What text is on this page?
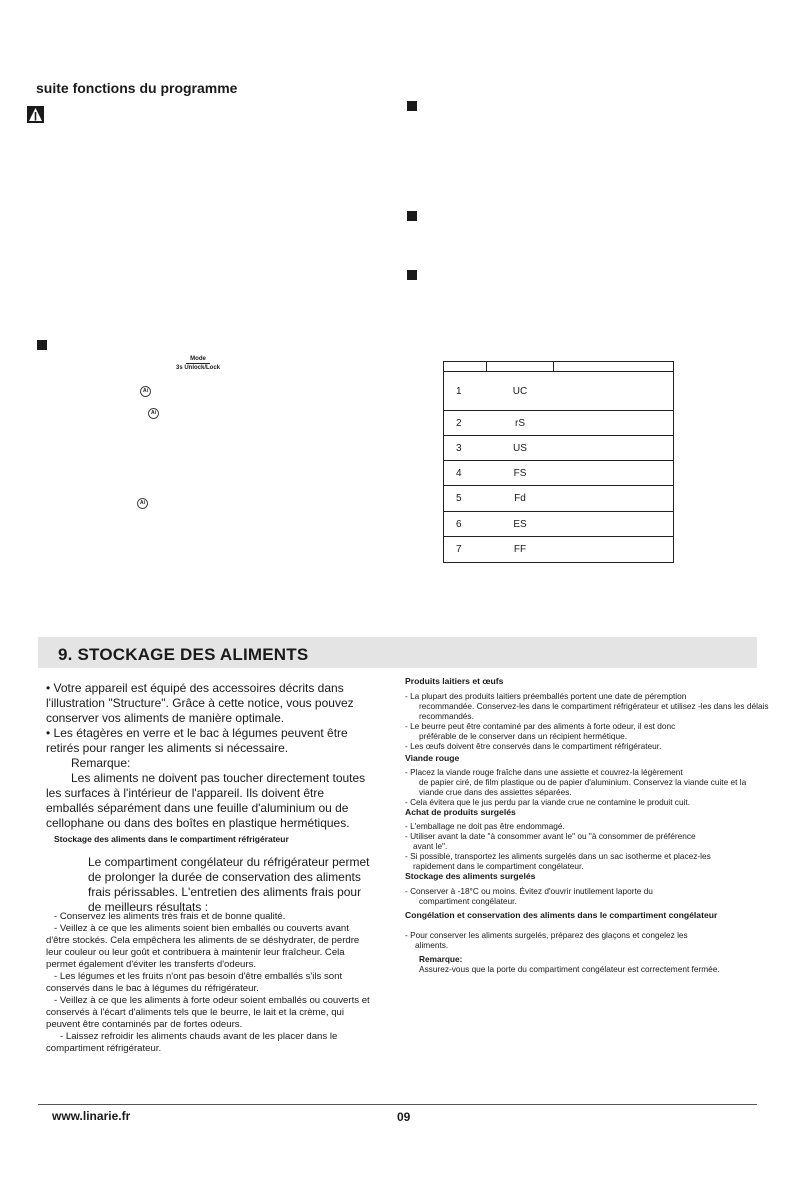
suite fonctions du programme
Mode
3s Unlock/Lock
Ai
Ai
Ai

1	UC	
2	rS	
3	US	
4	FS	
5	Fd	
6	ES	
7	FF	
9. STOCKAGE DES ALIMENTS

• Votre appareil est équipé des accessoires décrits dans l'illustration "Structure". Grâce à cette notice, vous pouvez conserver vos aliments de manière optimale.

• Les étagères en verre et le bac à légumes peuvent être retirés pour ranger les aliments si nécessaire.

Remarque:

Les aliments ne doivent pas toucher directement toutes les surfaces à l'intérieur de l'appareil. Ils doivent être emballés séparément dans une feuille d'aluminium ou de cellophane ou dans des boîtes en plastique hermétiques.

Stockage des aliments dans le compartiment réfrigérateur

Le compartiment congélateur du réfrigérateur permet de prolonger la durée de conservation des aliments frais périssables. L'entretien des aliments frais pour de meilleurs résultats :

- Conservez les aliments très frais et de bonne qualité.

- Veillez à ce que les aliments soient bien emballés ou couverts avant d'être stockés. Cela empêchera les aliments de se déshydrater, de perdre leur couleur ou leur goût et contribuera à maintenir leur fraîcheur. Cela permet également d'éviter les transferts d'odeurs.

- Les légumes et les fruits n'ont pas besoin d'être emballés s'ils sont conservés dans le bac à légumes du réfrigérateur.

- Veillez à ce que les aliments à forte odeur soient emballés ou couverts et conservés à l'écart d'aliments tels que le beurre, le lait et la crème, qui peuvent être contaminés par de fortes odeurs.

- Laissez refroidir les aliments chauds avant de les placer dans le compartiment réfrigérateur.

Produits laitiers et œufs

- La plupart des produits laitiers préemballés portent une date de péremption

recommandée. Conservez-les dans le compartiment réfrigérateur et utilisez -les dans les délais recommandés.

- Le beurre peut être contaminé par des aliments à forte odeur, il est donc

préférable de le conserver dans un récipient hermétique.

- Les œufs doivent être conservés dans le compartiment réfrigérateur.

Viande rouge

- Placez la viande rouge fraîche dans une assiette et couvrez-la légèrement

de papier ciré, de film plastique ou de papier d'aluminium. Conservez la viande cuite et la viande crue dans des assiettes séparées.

- Cela évitera que le jus perdu par la viande crue ne contamine le produit cuit.

Achat de produits surgelés

- L'emballage ne doit pas être endommagé.

- Utiliser avant la date "à consommer avant le" ou "à consommer de préférence

avant le".

- Si possible, transportez les aliments surgelés dans un sac isotherme et placez-les

rapidement dans le compartiment congélateur.

Stockage des aliments surgelés

- Conserver à -18°C ou moins. Évitez d'ouvrir inutilement laporte du

compartiment congélateur.

Congélation et conservation des aliments dans le compartiment congélateur

- Pour conserver les aliments surgelés, préparez des glaçons et congelez les

aliments.

Remarque:

Assurez-vous que la porte du compartiment congélateur est correctement fermée.

www.linarie.fr	09
